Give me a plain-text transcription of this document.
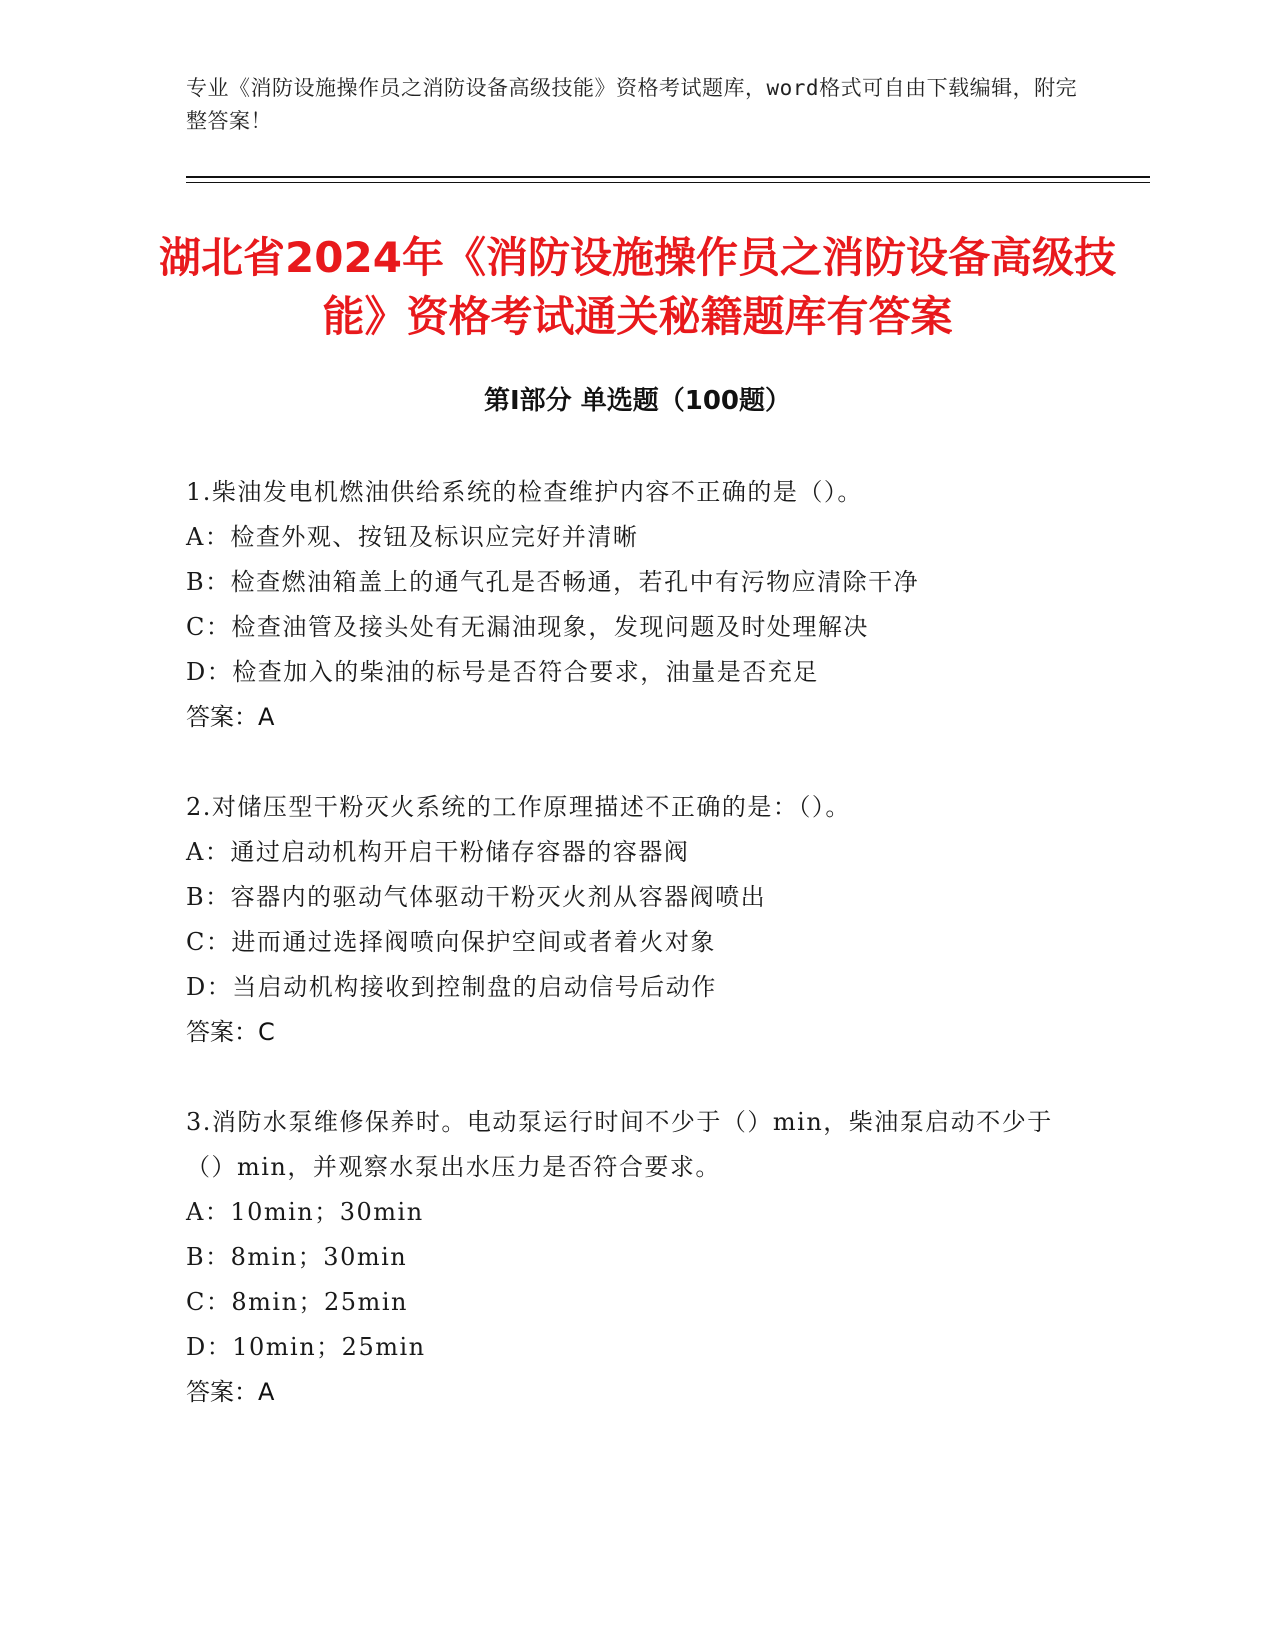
专业《消防设施操作员之消防设备高级技能》资格考试题库，word格式可自由下载编辑，附完整答案！
湖北省2024年《消防设施操作员之消防设备高级技能》资格考试通关秘籍题库有答案
第I部分 单选题（100题）
1.柴油发电机燃油供给系统的检查维护内容不正确的是（）。
A：检查外观、按钮及标识应完好并清晰
B：检查燃油箱盖上的通气孔是否畅通，若孔中有污物应清除干净
C：检查油管及接头处有无漏油现象，发现问题及时处理解决
D：检查加入的柴油的标号是否符合要求，油量是否充足
答案：A
2.对储压型干粉灭火系统的工作原理描述不正确的是：（）。
A：通过启动机构开启干粉储存容器的容器阀
B：容器内的驱动气体驱动干粉灭火剂从容器阀喷出
C：进而通过选择阀喷向保护空间或者着火对象
D：当启动机构接收到控制盘的启动信号后动作
答案：C
3.消防水泵维修保养时。电动泵运行时间不少于（）min，柴油泵启动不少于（）min，并观察水泵出水压力是否符合要求。
A：10min；30min
B：8min；30min
C：8min；25min
D：10min；25min
答案：A
